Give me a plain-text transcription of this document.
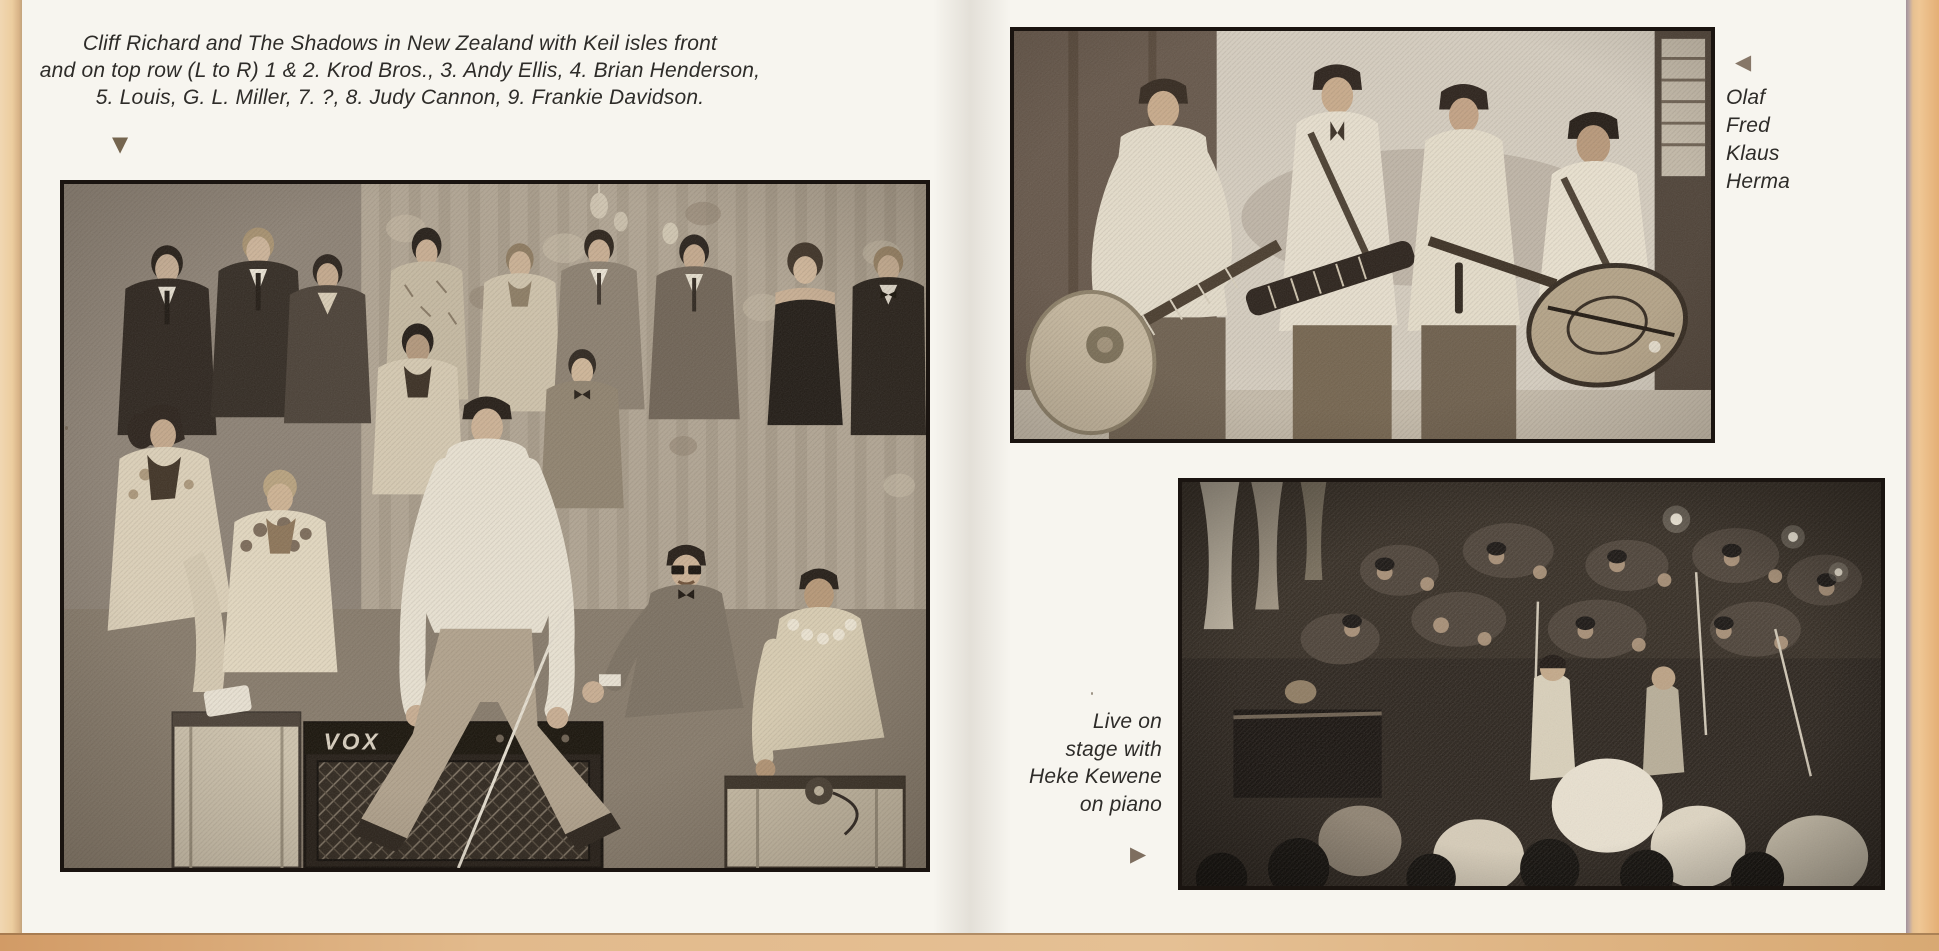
Cliff Richard and The Shadows in New Zealand with Keil isles front
and on top row (L to R) 1 & 2. Krod Bros., 3. Andy Ellis, 4. Brian Henderson,
5. Louis, G. L. Miller, 7. ?, 8. Judy Cannon, 9. Frankie Davidson.
▼
◀
Olaf
Fred
Klaus
Herma
Live on
stage with
Heke Kewene
on piano
▶
